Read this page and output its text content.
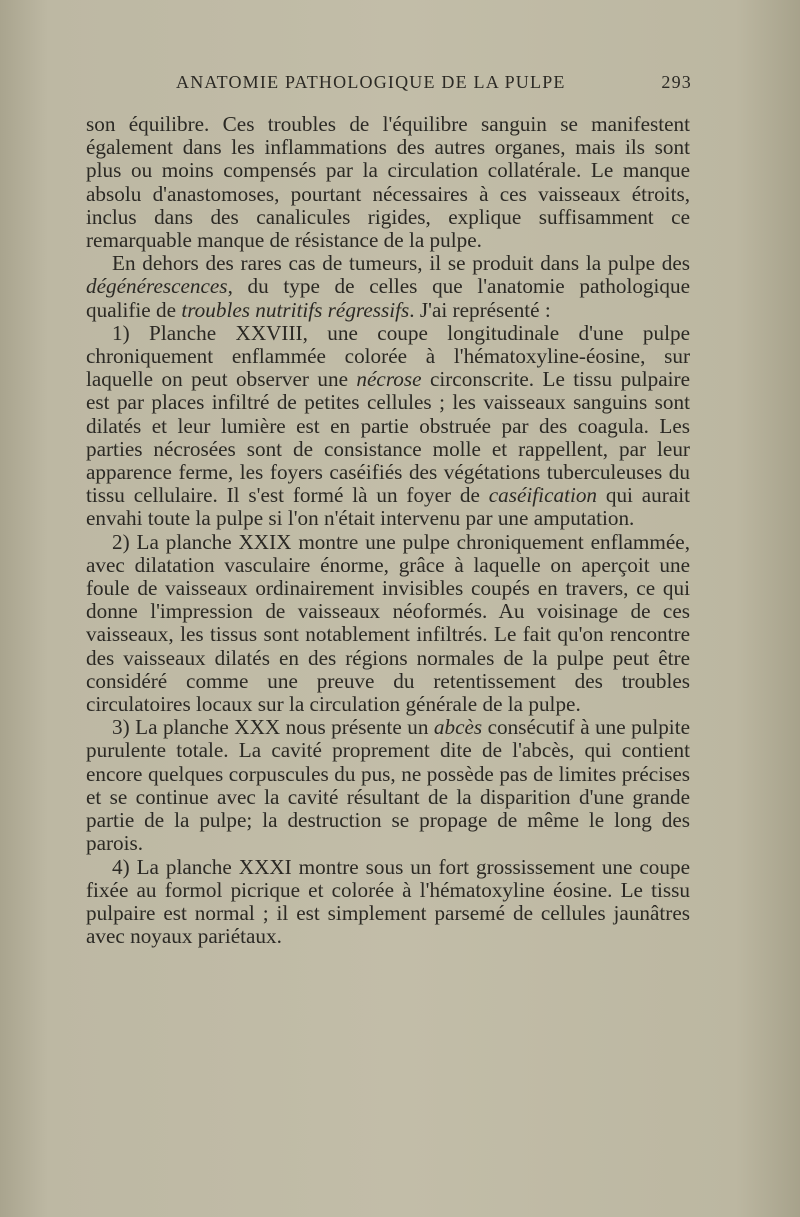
ANATOMIE PATHOLOGIQUE DE LA PULPE	293

son équilibre. Ces troubles de l'équilibre sanguin se manifestent également dans les inflammations des autres organes, mais ils sont plus ou moins compensés par la circulation collatérale. Le manque absolu d'anastomoses, pourtant nécessaires à ces vaisseaux étroits, inclus dans des canalicules rigides, explique suffisamment ce remarquable manque de résistance de la pulpe.

En dehors des rares cas de tumeurs, il se produit dans la pulpe des dégénérescences, du type de celles que l'anatomie pathologique qualifie de troubles nutritifs régressifs. J'ai représenté :

1) Planche XXVIII, une coupe longitudinale d'une pulpe chroniquement enflammée colorée à l'hématoxyline-éosine, sur laquelle on peut observer une nécrose circonscrite. Le tissu pulpaire est par places infiltré de petites cellules ; les vaisseaux sanguins sont dilatés et leur lumière est en partie obstruée par des coagula. Les parties nécrosées sont de consistance molle et rappellent, par leur apparence ferme, les foyers caséifiés des végétations tuberculeuses du tissu cellulaire. Il s'est formé là un foyer de caséification qui aurait envahi toute la pulpe si l'on n'était intervenu par une amputation.

2) La planche XXIX montre une pulpe chroniquement enflammée, avec dilatation vasculaire énorme, grâce à laquelle on aperçoit une foule de vaisseaux ordinairement invisibles coupés en travers, ce qui donne l'impression de vaisseaux néoformés. Au voisinage de ces vaisseaux, les tissus sont notablement infiltrés. Le fait qu'on rencontre des vaisseaux dilatés en des régions normales de la pulpe peut être considéré comme une preuve du retentissement des troubles circulatoires locaux sur la circulation générale de la pulpe.

3) La planche XXX nous présente un abcès consécutif à une pulpite purulente totale. La cavité proprement dite de l'abcès, qui contient encore quelques corpuscules du pus, ne possède pas de limites précises et se continue avec la cavité résultant de la disparition d'une grande partie de la pulpe; la destruction se propage de même le long des parois.

4) La planche XXXI montre sous un fort grossissement une coupe fixée au formol picrique et colorée à l'hématoxyline éosine. Le tissu pulpaire est normal ; il est simplement parsemé de cellules jaunâtres avec noyaux pariétaux.
